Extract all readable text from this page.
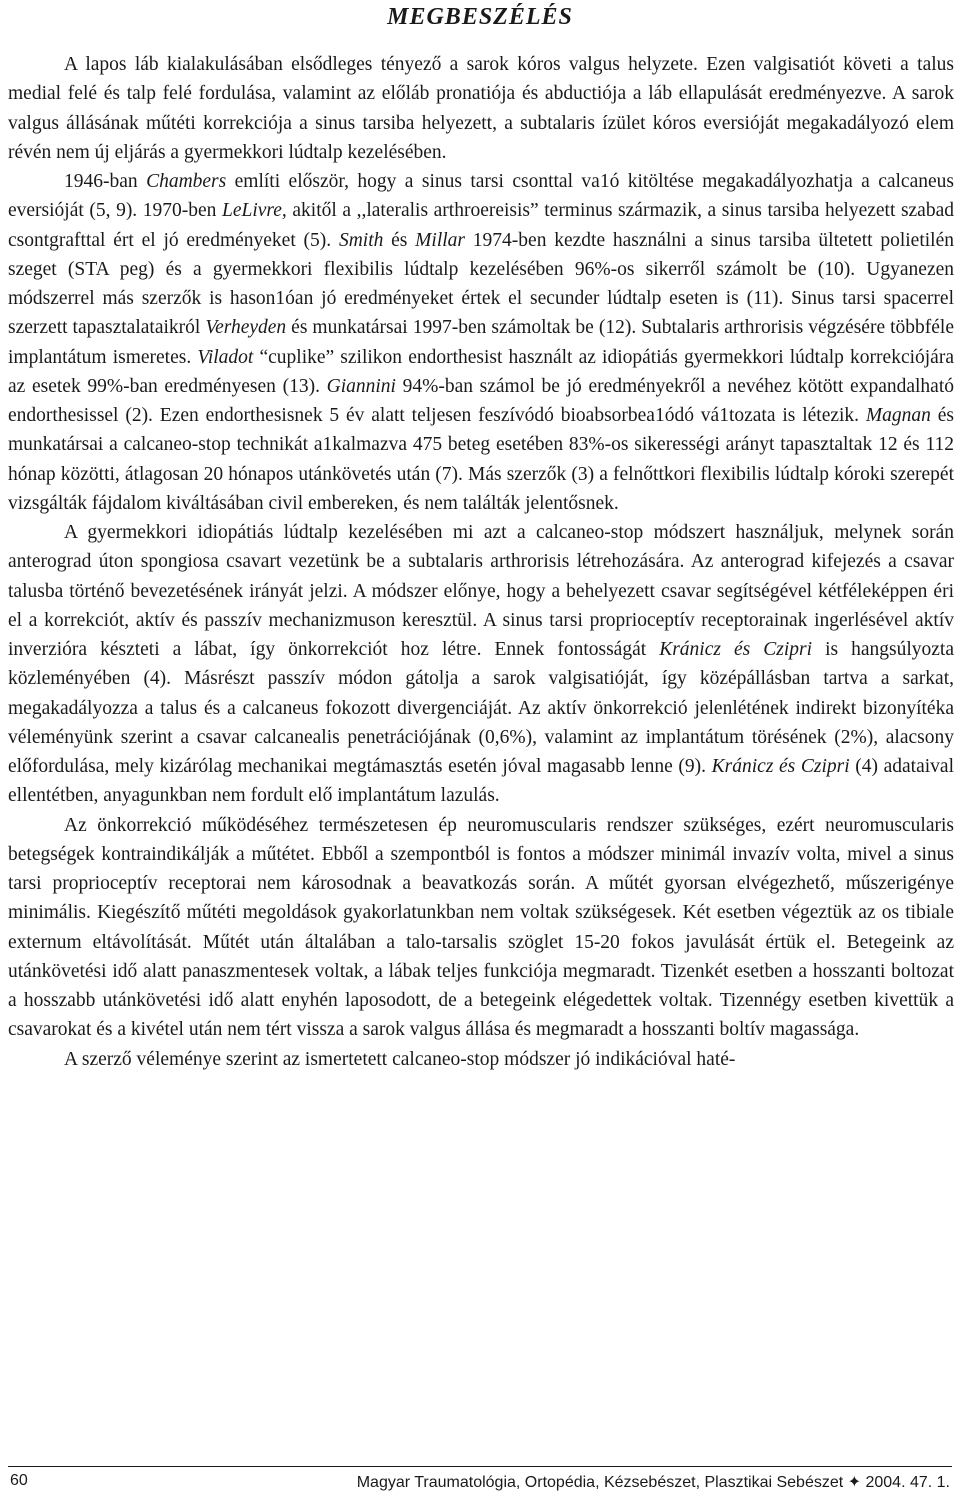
MEGBESZÉLÉS

A lapos láb kialakulásában elsődleges tényező a sarok kóros valgus helyzete. Ezen valgisatiót követi a talus medial felé és talp felé fordulása, valamint az előláb pronatiója és abductiója a láb ellapulását eredményezve. A sarok valgus állásának műtéti korrekciója a sinus tarsiba helyezett, a subtalaris ízület kóros eversióját megakadályozó elem révén nem új eljárás a gyermekkori lúdtalp kezelésében.

1946-ban Chambers említi először, hogy a sinus tarsi csonttal va1ó kitöltése megakadályozhatja a calcaneus eversióját (5, 9). 1970-ben LeLivre, akitől a ,,lateralis arthroereisis” terminus származik, a sinus tarsiba helyezett szabad csontgrafttal ért el jó eredményeket (5). Smith és Millar 1974-ben kezdte használni a sinus tarsiba ültetett polietilén szeget (STA peg) és a gyermekkori flexibilis lúdtalp kezelésében 96%-os sikerről számolt be (10). Ugyanezen módszerrel más szerzők is hason1óan jó eredményeket értek el secunder lúdtalp eseten is (11). Sinus tarsi spacerrel szerzett tapasztalataikról Verheyden és munkatársai 1997-ben számoltak be (12). Subtalaris arthrorisis végzésére többféle implantátum ismeretes. Viladot “cuplike” szilikon endorthesist használt az idiopátiás gyermekkori lúdtalp korrekciójára az esetek 99%-ban eredményesen (13). Giannini 94%-ban számol be jó eredményekről a nevéhez kötött expandalható endorthesissel (2). Ezen endorthesisnek 5 év alatt teljesen feszívódó bioabsorbea1ódó vá1tozata is létezik. Magnan és munkatársai a calcaneo-stop technikát a1kalmazva 475 beteg esetében 83%-os sikerességi arányt tapasztaltak 12 és 112 hónap közötti, átlagosan 20 hónapos utánkövetés után (7). Más szerzők (3) a felnőttkori flexibilis lúdtalp kóroki szerepét vizsgálták fájdalom kiváltásában civil embereken, és nem találták jelentősnek.

A gyermekkori idiopátiás lúdtalp kezelésében mi azt a calcaneo-stop módszert használjuk, melynek során anterograd úton spongiosa csavart vezetünk be a subtalaris arthrorisis létrehozására. Az anterograd kifejezés a csavar talusba történő bevezetésének irányát jelzi. A módszer előnye, hogy a behelyezett csavar segítségével kétféleképpen éri el a korrekciót, aktív és passzív mechanizmuson keresztül. A sinus tarsi proprioceptív receptorainak ingerlésével aktív inverzióra készteti a lábat, így önkorrekciót hoz létre. Ennek fontosságát Kránicz és Czipri is hangsúlyozta közleményében (4). Másrészt passzív módon gátolja a sarok valgisatióját, így középállásban tartva a sarkat, megakadályozza a talus és a calcaneus fokozott divergenciáját. Az aktív önkorrekció jelenlétének indirekt bizonyítéka véleményünk szerint a csavar calcanealis penetrációjának (0,6%), valamint az implantátum törésének (2%), alacsony előfordulása, mely kizárólag mechanikai megtámasztás esetén jóval magasabb lenne (9). Kránicz és Czipri (4) adataival ellentétben, anyagunkban nem fordult elő implantátum lazulás.

Az önkorrekció működéséhez természetesen ép neuromuscularis rendszer szükséges, ezért neuromuscularis betegségek kontraindikálják a műtétet. Ebből a szempontból is fontos a módszer minimál invazív volta, mivel a sinus tarsi proprioceptív receptorai nem károsodnak a beavatkozás során. A műtét gyorsan elvégezhető, műszerigénye minimális. Kiegészítő műtéti megoldások gyakorlatunkban nem voltak szükségesek. Két esetben végeztük az os tibiale externum eltávolítását. Műtét után általában a talo-tarsalis szöglet 15-20 fokos javulását értük el. Betegeink az utánkövetési idő alatt panaszmentesek voltak, a lábak teljes funkciója megmaradt. Tizenkét esetben a hosszanti boltozat a hosszabb utánkövetési idő alatt enyhén laposodott, de a betegeink elégedettek voltak. Tizennégy esetben kivettük a csavarokat és a kivétel után nem tért vissza a sarok valgus állása és megmaradt a hosszanti boltív magassága.

A szerző véleménye szerint az ismertetett calcaneo-stop módszer jó indikációval haté-

60	Magyar Traumatológia, Ortopédia, Kézsebészet, Plasztikai Sebészet ✦ 2004. 47. 1.
